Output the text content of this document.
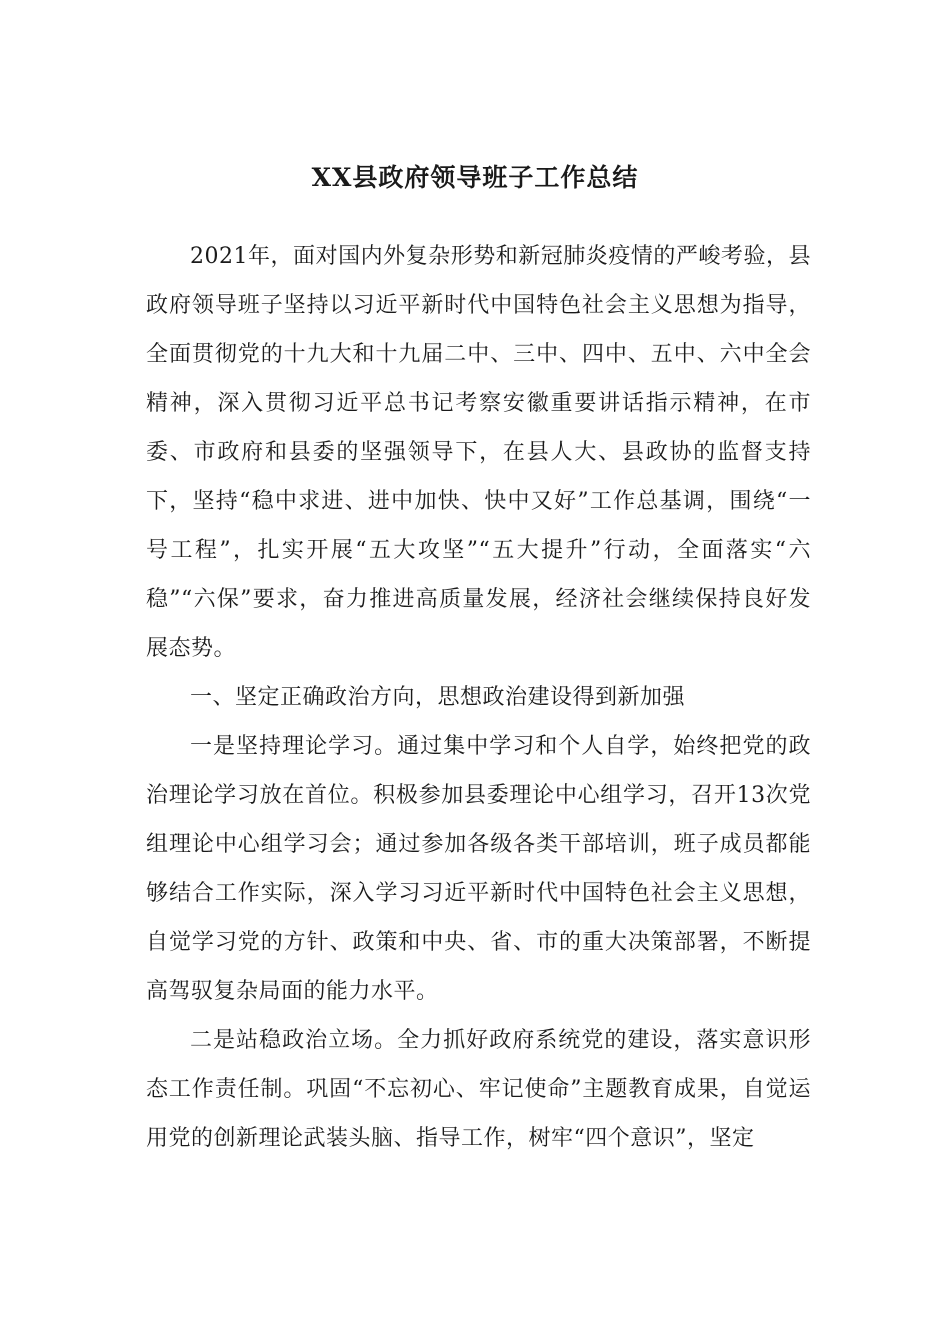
XX县政府领导班子工作总结

2021年，面对国内外复杂形势和新冠肺炎疫情的严峻考验，县政府领导班子坚持以习近平新时代中国特色社会主义思想为指导，全面贯彻党的十九大和十九届二中、三中、四中、五中、六中全会精神，深入贯彻习近平总书记考察安徽重要讲话指示精神，在市委、市政府和县委的坚强领导下，在县人大、县政协的监督支持下，坚持“稳中求进、进中加快、快中又好”工作总基调，围绕“一号工程”，扎实开展“五大攻坚”“五大提升”行动，全面落实“六稳”“六保”要求，奋力推进高质量发展，经济社会继续保持良好发展态势。

一、坚定正确政治方向，思想政治建设得到新加强

一是坚持理论学习。通过集中学习和个人自学，始终把党的政治理论学习放在首位。积极参加县委理论中心组学习，召开13次党组理论中心组学习会；通过参加各级各类干部培训，班子成员都能够结合工作实际，深入学习习近平新时代中国特色社会主义思想，自觉学习党的方针、政策和中央、省、市的重大决策部署，不断提高驾驭复杂局面的能力水平。

二是站稳政治立场。全力抓好政府系统党的建设，落实意识形态工作责任制。巩固“不忘初心、牢记使命”主题教育成果，自觉运用党的创新理论武装头脑、指导工作，树牢“四个意识”，坚定
